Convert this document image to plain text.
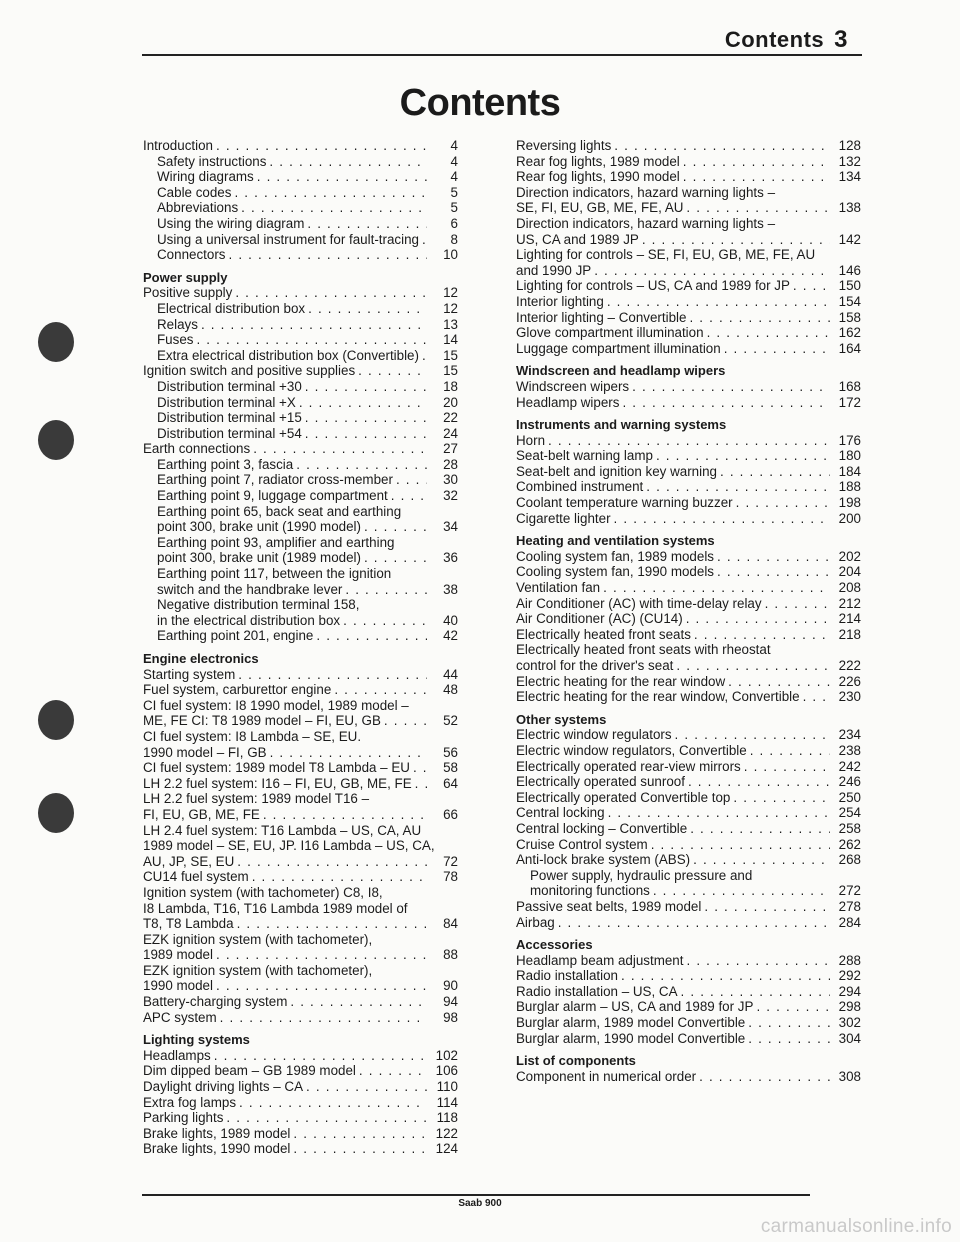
Contents 3
Contents
Introduction . . .	4
Safety instructions . . .	4
Wiring diagrams . . .	4
Cable codes . . .	5
Abbreviations . . .	5
Using the wiring diagram . . .	6
Using a universal instrument for fault-tracing . . .	8
Connectors . . .	10
Power supply
Positive supply . . .	12
Electrical distribution box . . .	12
Relays . . .	13
Fuses . . .	14
Extra electrical distribution box (Convertible) . . .	15
Ignition switch and positive supplies . . .	15
Distribution terminal +30 . . .	18
Distribution terminal +X . . .	20
Distribution terminal +15 . . .	22
Distribution terminal +54 . . .	24
Earth connections . . .	27
Earthing point 3, fascia . . .	28
Earthing point 7, radiator cross-member . . .	30
Earthing point 9, luggage compartment . . .	32
Earthing point 65, back seat and earthing
point 300, brake unit (1990 model) . . .	34
Earthing point 93, amplifier and earthing
point 300, brake unit (1989 model) . . .	36
Earthing point 117, between the ignition
switch and the handbrake lever . . .	38
Negative distribution terminal 158,
in the electrical distribution box . . .	40
Earthing point 201, engine . . .	42
Engine electronics
Starting system . . .	44
Fuel system, carburettor engine . . .	48
CI fuel system: I8 1990 model, 1989 model –
ME, FE CI: T8 1989 model – FI, EU, GB . . .	52
CI fuel system: I8 Lambda – SE, EU.
1990 model – FI, GB . . .	56
CI fuel system: 1989 model T8 Lambda – EU . . .	58
LH 2.2 fuel system: I16 – FI, EU, GB, ME, FE . . .	64
LH 2.2 fuel system: 1989 model T16 –
FI, EU, GB, ME, FE . . .	66
LH 2.4 fuel system: T16 Lambda – US, CA, AU
1989 model – SE, EU, JP. I16 Lambda – US, CA,
AU, JP, SE, EU . . .	72
CU14 fuel system . . .	78
Ignition system (with tachometer) C8, I8,
I8 Lambda, T16, T16 Lambda 1989 model of
T8, T8 Lambda . . .	84
EZK ignition system (with tachometer),
1989 model . . .	88
EZK ignition system (with tachometer),
1990 model . . .	90
Battery-charging system . . .	94
APC system . . .	98
Lighting systems
Headlamps . . .	102
Dim dipped beam – GB 1989 model . . .	106
Daylight driving lights – CA . . .	110
Extra fog lamps . . .	114
Parking lights . . .	118
Brake lights, 1989 model . . .	122
Brake lights, 1990 model . . .	124
Reversing lights . . .	128
Rear fog lights, 1989 model . . .	132
Rear fog lights, 1990 model . . .	134
Direction indicators, hazard warning lights –
SE, FI, EU, GB, ME, FE, AU . . .	138
Direction indicators, hazard warning lights –
US, CA and 1989 JP . . .	142
Lighting for controls – SE, FI, EU, GB, ME, FE, AU
and 1990 JP . . .	146
Lighting for controls – US, CA and 1989 for JP . . .	150
Interior lighting . . .	154
Interior lighting – Convertible . . .	158
Glove compartment illumination . . .	162
Luggage compartment illumination . . .	164
Windscreen and headlamp wipers
Windscreen wipers . . .	168
Headlamp wipers . . .	172
Instruments and warning systems
Horn . . .	176
Seat-belt warning lamp . . .	180
Seat-belt and ignition key warning . . .	184
Combined instrument . . .	188
Coolant temperature warning buzzer . . .	198
Cigarette lighter . . .	200
Heating and ventilation systems
Cooling system fan, 1989 models . . .	202
Cooling system fan, 1990 models . . .	204
Ventilation fan . . .	208
Air Conditioner (AC) with time-delay relay . . .	212
Air Conditioner (AC) (CU14) . . .	214
Electrically heated front seats . . .	218
Electrically heated front seats with rheostat
control for the driver's seat . . .	222
Electric heating for the rear window . . .	226
Electric heating for the rear window, Convertible . . .	230
Other systems
Electric window regulators . . .	234
Electric window regulators, Convertible . . .	238
Electrically operated rear-view mirrors . . .	242
Electrically operated sunroof . . .	246
Electrically operated Convertible top . . .	250
Central locking . . .	254
Central locking – Convertible . . .	258
Cruise Control system . . .	262
Anti-lock brake system (ABS) . . .	268
Power supply, hydraulic pressure and
monitoring functions . . .	272
Passive seat belts, 1989 model . . .	278
Airbag . . .	284
Accessories
Headlamp beam adjustment . . .	288
Radio installation . . .	292
Radio installation – US, CA . . .	294
Burglar alarm – US, CA and 1989 for JP . . .	298
Burglar alarm, 1989 model Convertible . . .	302
Burglar alarm, 1990 model Convertible . . .	304
List of components
Component in numerical order . . .	308
Saab 900
carmanualsonline.info
